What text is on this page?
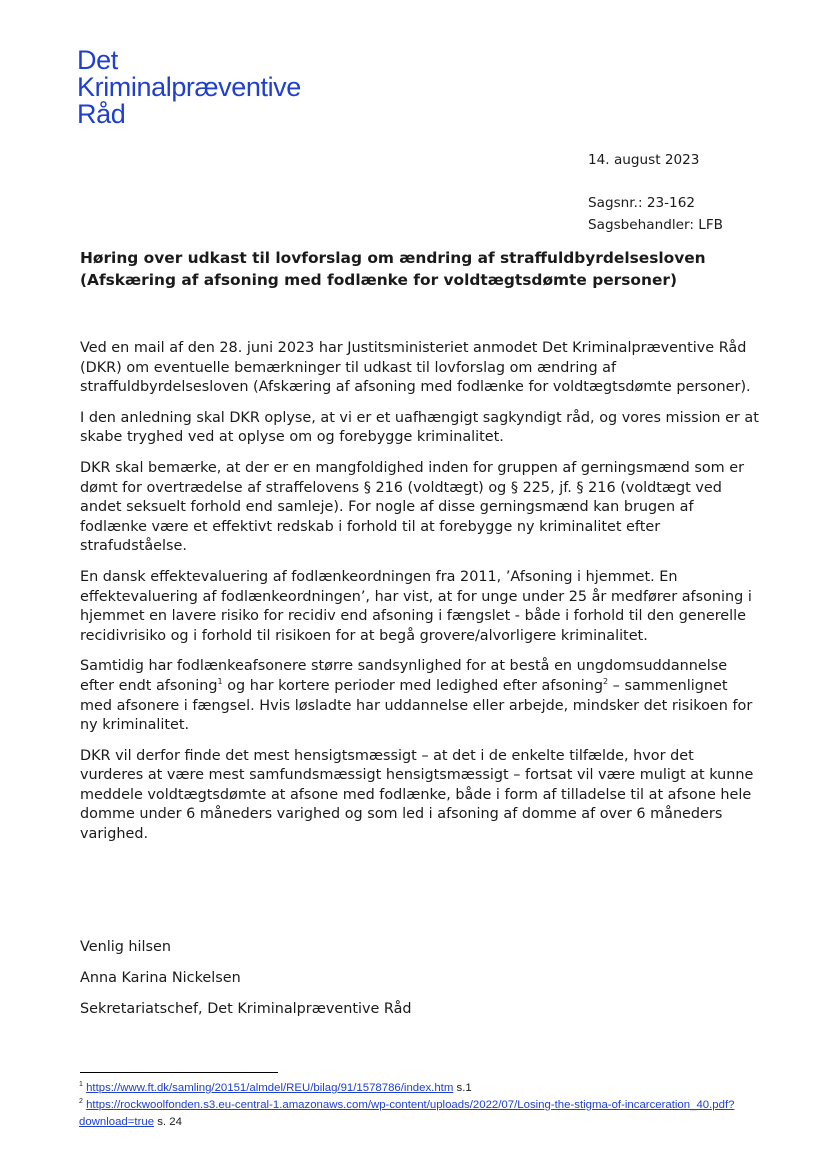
Det
Kriminalpræventive
Råd
14. august 2023
Sagsnr.: 23-162
Sagsbehandler: LFB
Høring over udkast til lovforslag om ændring af straffuldbyrdelsesloven (Afskæring af afsoning med fodlænke for voldtægtsdømte personer)

Ved en mail af den 28. juni 2023 har Justitsministeriet anmodet Det Kriminalpræventive Råd (DKR) om eventuelle bemærkninger til udkast til lovforslag om ændring af straffuldbyrdelsesloven (Afskæring af afsoning med fodlænke for voldtægtsdømte personer).

I den anledning skal DKR oplyse, at vi er et uafhængigt sagkyndigt råd, og vores mission er at skabe tryghed ved at oplyse om og forebygge kriminalitet.

DKR skal bemærke, at der er en mangfoldighed inden for gruppen af gerningsmænd som er dømt for overtrædelse af straffelovens § 216 (voldtægt) og § 225, jf. § 216 (voldtægt ved andet seksuelt forhold end samleje). For nogle af disse gerningsmænd kan brugen af fodlænke være et effektivt redskab i forhold til at forebygge ny kriminalitet efter strafudståelse.

En dansk effektevaluering af fodlænkeordningen fra 2011, ’Afsoning i hjemmet. En effektevaluering af fodlænkeordningen’, har vist, at for unge under 25 år medfører afsoning i hjemmet en lavere risiko for recidiv end afsoning i fængslet - både i forhold til den generelle recidivrisiko og i forhold til risikoen for at begå grovere/alvorligere kriminalitet.

Samtidig har fodlænkeafsonere større sandsynlighed for at bestå en ungdomsuddannelse efter endt afsoning$^1$ og har kortere perioder med ledighed efter afsoning$^2$ – sammenlignet med afsonere i fængsel. Hvis løsladte har uddannelse eller arbejde, mindsker det risikoen for ny kriminalitet.

DKR vil derfor finde det mest hensigtsmæssigt – at det i de enkelte tilfælde, hvor det vurderes at være mest samfundsmæssigt hensigtsmæssigt – fortsat vil være muligt at kunne meddele voldtægtsdømte at afsone med fodlænke, både i form af tilladelse til at afsone hele domme under 6 måneders varighed og som led i afsoning af domme af over 6 måneders varighed.

Venlig hilsen
Anna Karina Nickelsen
Sekretariatschef, Det Kriminalpræventive Råd
$^1$ https://www.ft.dk/samling/20151/almdel/REU/bilag/91/1578786/index.htm s.1
$^2$ https://rockwoolfonden.s3.eu-central-1.amazonaws.com/wp-content/uploads/2022/07/Losing-the-stigma-of-incarceration_40.pdf?download=true s. 24
